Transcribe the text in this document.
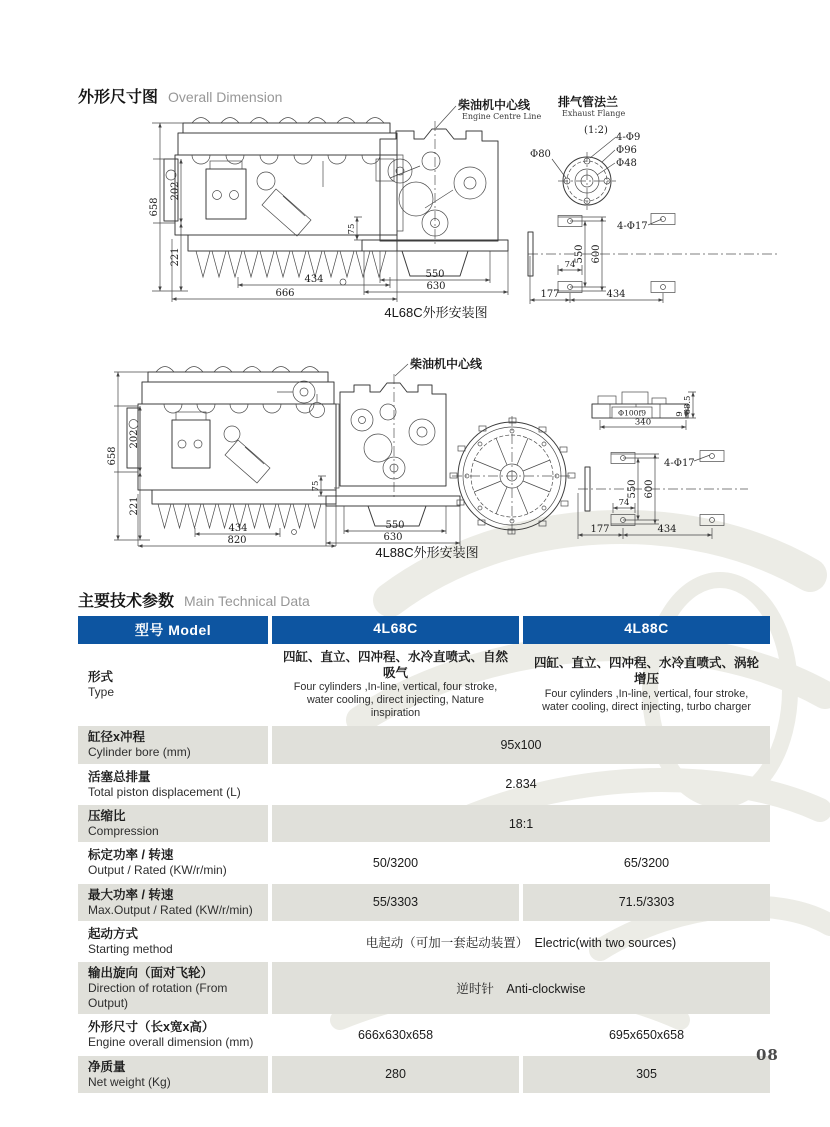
外形尺寸图 Overall Dimension
658
202
221
434
666
75
550
630
柴油机中心线
Engine Centre Line
排气管法兰
Exhaust Flange
(1:2)
4-Φ9
Φ96
Φ48
Φ80
550 600
74
177	434
4-Φ17
4L68C外形安装图
658
202
221
434
820
柴油机中心线
75
550
630
68.5
9
Φ100f9
340
550 600
74
177	434
4-Φ17
4L88C外形安装图
主要技术参数 Main Technical Data
型号 Model	4L68C	4L88C
形式
Type
四缸、直立、四冲程、水冷直喷式、自然吸气
Four cylinders ,In-line, vertical, four stroke, water cooling, direct injecting, Nature inspiration
四缸、直立、四冲程、水冷直喷式、涡轮增压
Four cylinders ,In-line, vertical, four stroke, water cooling, direct injecting, turbo charger
缸径x冲程
Cylinder bore (mm)
95x100
活塞总排量
Total piston displacement (L)
2.834
压缩比
Compression
18:1
标定功率 / 转速
Output / Rated (KW/r/min)
50/3200	65/3200
最大功率 / 转速
Max.Output / Rated (KW/r/min)
55/3303	71.5/3303
起动方式
Starting method	电起动（可加一套起动装置）　Electric(with two sources)
输出旋向（面对飞轮）
Direction of rotation (From Output)
逆时针　Anti-clockwise
外形尺寸（长x宽x高）
Engine overall dimension (mm)
666x630x658	695x650x658
净质量
Net weight (Kg)
280	305
08
